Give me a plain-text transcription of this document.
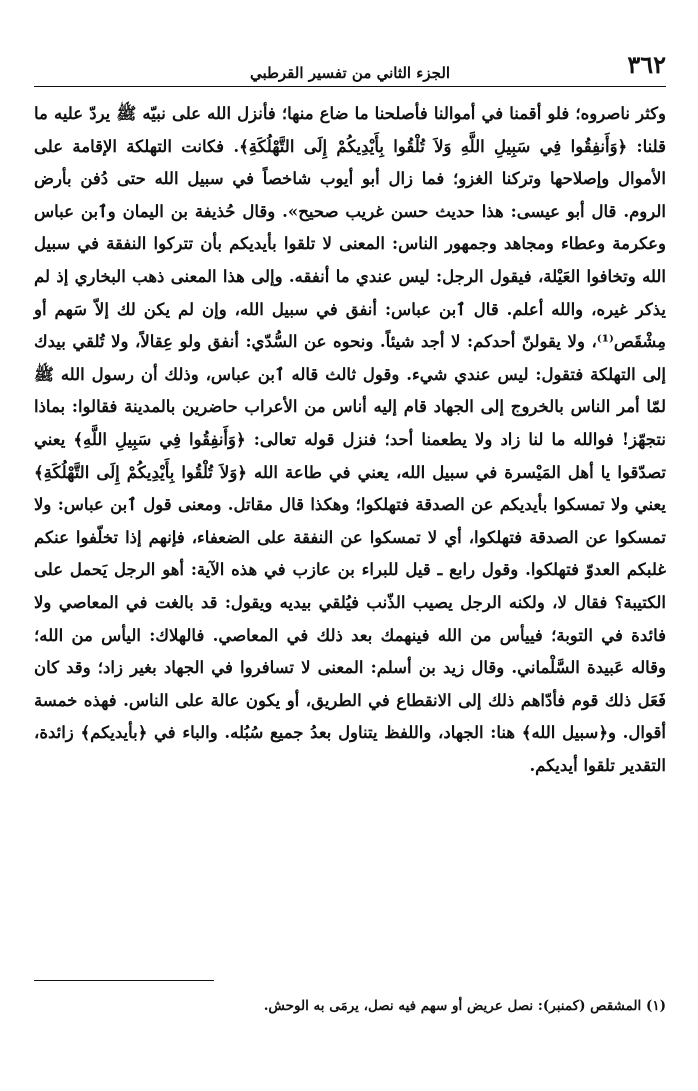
٣٦٢
الجزء الثاني من تفسير القرطبي

وكثر ناصروه؛ فلو أقمنا في أموالنا فأصلحنا ما ضاع منها؛ فأنزل الله على نبيّه ﷺ يردّ عليه ما قلنا: ﴿وَأَنفِقُوا فِي سَبِيلِ اللَّهِ وَلاَ تُلْقُوا بِأَيْدِيكُمْ إِلَى التَّهْلُكَةِ﴾. فكانت التهلكة الإقامة على الأموال وإصلاحها وتركنا الغزو؛ فما زال أبو أيوب شاخصاً في سبيل الله حتى دُفن بأرض الروم. قال أبو عيسى: هذا حديث حسن غريب صحيح». وقال حُذيفة بن اليمان وٱبن عباس وعكرمة وعطاء ومجاهد وجمهور الناس: المعنى لا تلقوا بأيديكم بأن تتركوا النفقة في سبيل الله وتخافوا العَيْلة، فيقول الرجل: ليس عندي ما أنفقه. وإلى هذا المعنى ذهب البخاري إذ لم يذكر غيره، والله أعلم. قال ٱبن عباس: أنفق في سبيل الله، وإن لم يكن لك إلاّ سَهم أو مِشْقَص⁽¹⁾، ولا يقولنّ أحدكم: لا أجد شيئاً. ونحوه عن السُّدّي: أنفق ولو عِقالاً، ولا تُلقي بيدك إلى التهلكة فتقول: ليس عندي شيء. وقول ثالث قاله ٱبن عباس، وذلك أن رسول الله ﷺ لمّا أمر الناس بالخروج إلى الجهاد قام إليه أناس من الأعراب حاضرين بالمدينة فقالوا: بماذا نتجهّز! فوالله ما لنا زاد ولا يطعمنا أحد؛ فنزل قوله تعالى: ﴿وَأَنفِقُوا فِي سَبِيلِ اللَّهِ﴾ يعني تصدّقوا يا أهل المَيْسرة في سبيل الله، يعني في طاعة الله ﴿وَلاَ تُلْقُوا بِأَيْدِيكُمْ إِلَى التَّهْلُكَةِ﴾ يعني ولا تمسكوا بأيديكم عن الصدقة فتهلكوا؛ وهكذا قال مقاتل. ومعنى قول ٱبن عباس: ولا تمسكوا عن الصدقة فتهلكوا، أي لا تمسكوا عن النفقة على الضعفاء، فإنهم إذا تخلّفوا عنكم غلبكم العدوّ فتهلكوا. وقول رابع ـ قيل للبراء بن عازب في هذه الآية: أهو الرجل يَحمل على الكتيبة؟ فقال لا، ولكنه الرجل يصيب الذّنب فيُلقي بيديه ويقول: قد بالغت في المعاصي ولا فائدة في التوبة؛ فييأس من الله فينهمك بعد ذلك في المعاصي. فالهلاك: اليأس من الله؛ وقاله عَبيدة السَّلْماني. وقال زيد بن أسلم: المعنى لا تسافروا في الجهاد بغير زاد؛ وقد كان فَعَل ذلك قوم فأدّاهم ذلك إلى الانقطاع في الطريق، أو يكون عالة على الناس. فهذه خمسة أقوال. و﴿سبيل الله﴾ هنا: الجهاد، واللفظ يتناول بعدُ جميع سُبُله. والباء في ﴿بأيديكم﴾ زائدة، التقدير تلقوا أيديكم.

(١) المشقص (كمنبر): نصل عريض أو سهم فيه نصل، يرمَى به الوحش.
